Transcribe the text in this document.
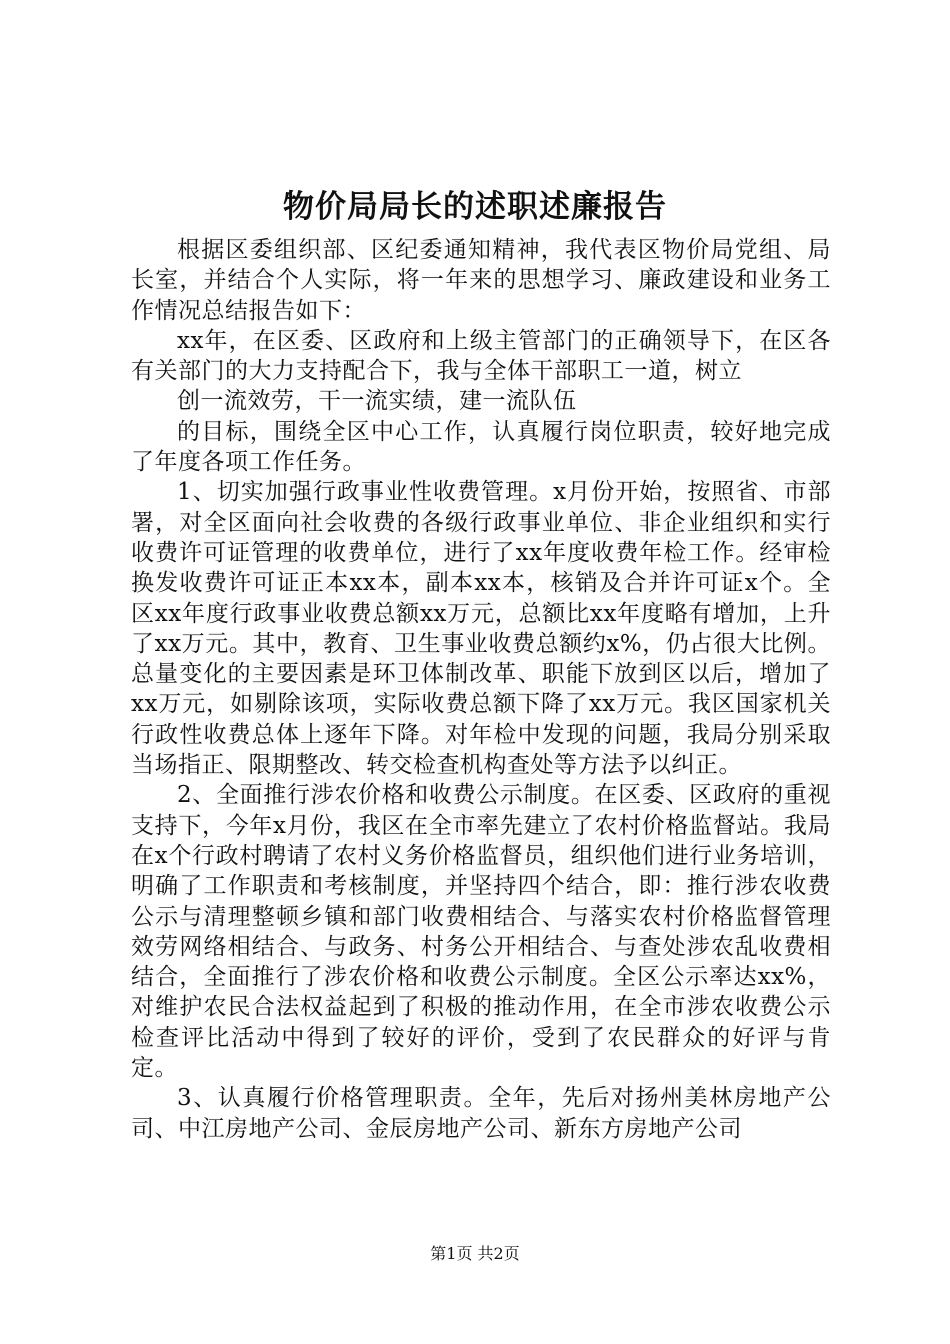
物价局局长的述职述廉报告

根据区委组织部、区纪委通知精神，我代表区物价局党组、局长室，并结合个人实际，将一年来的思想学习、廉政建设和业务工作情况总结报告如下：

xx年，在区委、区政府和上级主管部门的正确领导下，在区各有关部门的大力支持配合下，我与全体干部职工一道，树立

创一流效劳，干一流实绩，建一流队伍

的目标，围绕全区中心工作，认真履行岗位职责，较好地完成了年度各项工作任务。

1、切实加强行政事业性收费管理。x月份开始，按照省、市部署，对全区面向社会收费的各级行政事业单位、非企业组织和实行收费许可证管理的收费单位，进行了xx年度收费年检工作。经审检换发收费许可证正本xx本，副本xx本，核销及合并许可证x个。全区xx年度行政事业收费总额xx万元，总额比xx年度略有增加，上升了xx万元。其中，教育、卫生事业收费总额约x%，仍占很大比例。总量变化的主要因素是环卫体制改革、职能下放到区以后，增加了xx万元，如剔除该项，实际收费总额下降了xx万元。我区国家机关行政性收费总体上逐年下降。对年检中发现的问题，我局分别采取当场指正、限期整改、转交检查机构查处等方法予以纠正。

2、全面推行涉农价格和收费公示制度。在区委、区政府的重视支持下，今年x月份，我区在全市率先建立了农村价格监督站。我局在x个行政村聘请了农村义务价格监督员，组织他们进行业务培训，明确了工作职责和考核制度，并坚持四个结合，即：推行涉农收费公示与清理整顿乡镇和部门收费相结合、与落实农村价格监督管理效劳网络相结合、与政务、村务公开相结合、与查处涉农乱收费相结合，全面推行了涉农价格和收费公示制度。全区公示率达xx%，对维护农民合法权益起到了积极的推动作用，在全市涉农收费公示检查评比活动中得到了较好的评价，受到了农民群众的好评与肯定。

3、认真履行价格管理职责。全年，先后对扬州美林房地产公司、中江房地产公司、金辰房地产公司、新东方房地产公司

第1页 共2页
